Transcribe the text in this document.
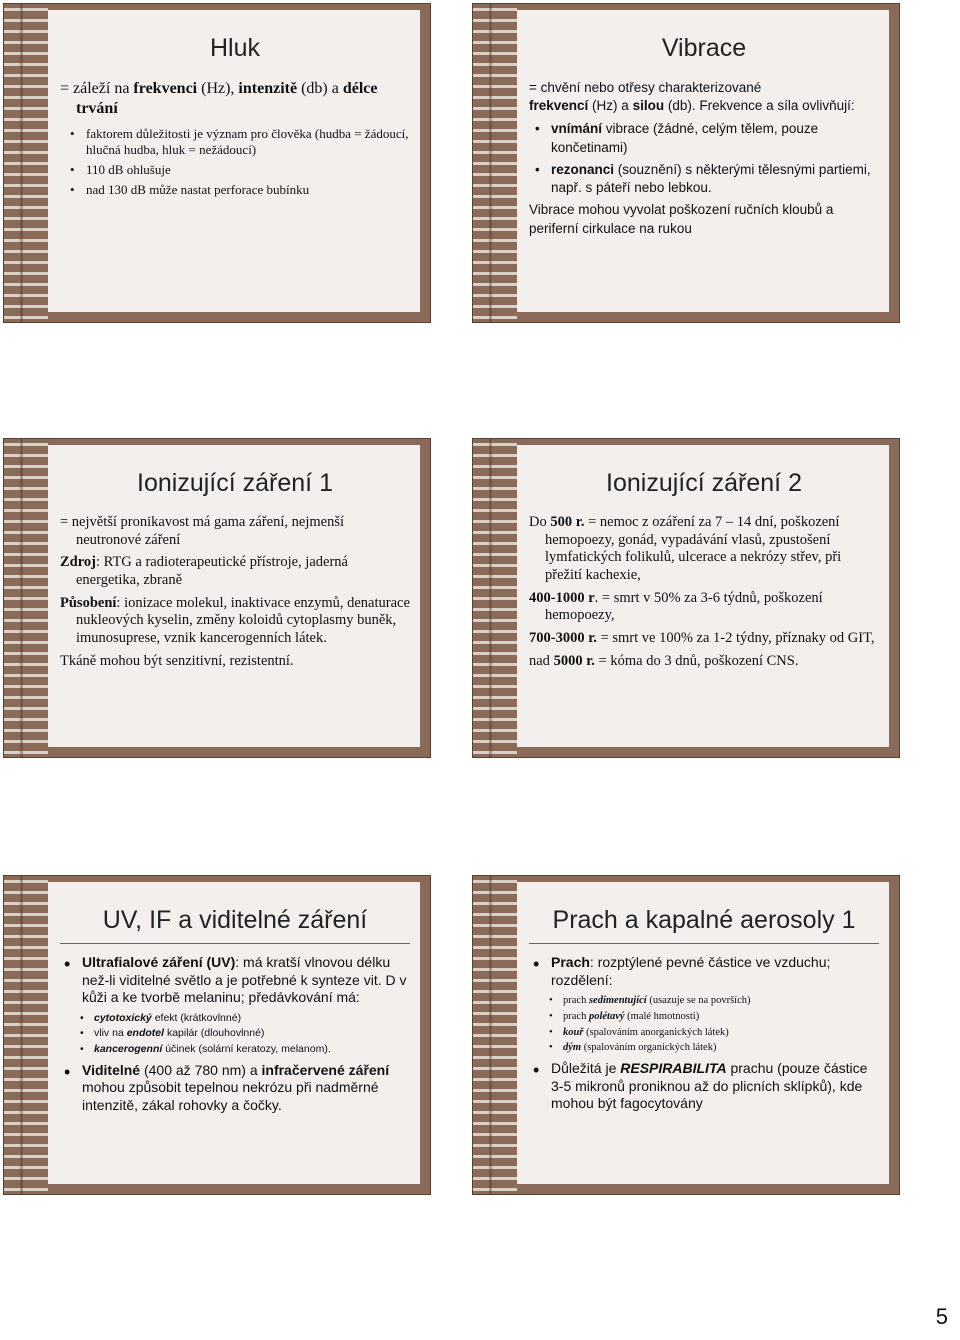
Hluk
= záleží na frekvenci (Hz), intenzitě (db) a délce trvání
• faktorem důležitosti je význam pro člověka (hudba = žádoucí, hlučná hudba, hluk = nežádoucí)
• 110 dB ohlušuje
• nad 130 dB může nastat perforace bubínku
Vibrace
= chvění nebo otřesy charakterizované
frekvencí (Hz) a silou (db). Frekvence a síla ovlivňují:
• vnímání vibrace (žádné, celým tělem, pouze končetinami)
• rezonanci (souznění) s některými tělesnými partiemi, např. s páteří nebo lebkou.
Vibrace mohou vyvolat poškození ručních kloubů a periferní cirkulace na rukou
Ionizující záření 1
= největší pronikavost má gama záření, nejmenší neutronové záření
Zdroj: RTG a radioterapeutické přístroje, jaderná energetika, zbraně
Působení: ionizace molekul, inaktivace enzymů, denaturace nukleových kyselin, změny koloidů cytoplasmy buněk, imunosuprese, vznik kancerogenních látek.
Tkáně mohou být senzitivní, rezistentní.
Ionizující záření 2
Do 500 r. = nemoc z ozáření za 7 – 14 dní, poškození hemopoezy, gonád, vypadávání vlasů, zpustošení lymfatických folikulů, ulcerace a nekrózy střev, při přežití kachexie,
400-1000 r. = smrt v 50% za 3-6 týdnů, poškození hemopoezy,
700-3000 r. = smrt ve 100% za 1-2 týdny, příznaky od GIT,
nad 5000 r. = kóma do 3 dnů, poškození CNS.
UV, IF a viditelné záření
• Ultrafialové záření (UV): má kratší vlnovou délku než-li viditelné světlo a je potřebné k synteze vit. D v kůži a ke tvorbě melaninu; předávkování má:
• cytotoxický efekt (krátkovlnné)
• vliv na endotel kapilár (dlouhovlnné)
• kancerogenní účinek (solární keratozy, melanom).
• Viditelné (400 až 780 nm) a infračervené záření mohou způsobit tepelnou nekrózu při nadměrné intenzitě, zákal rohovky a čočky.
Prach a kapalné aerosoly 1
• Prach: rozptýlené pevné částice ve vzduchu; rozdělení:
• prach sedimentující (usazuje se na površích)
• prach polétavý (malé hmotnosti)
• kouř (spalováním anorganických látek)
• dým (spalováním organických látek)
• Důležitá je RESPIRABILITA prachu (pouze částice 3-5 mikronů proniknou až do plicních sklípků), kde mohou být fagocytovány
5
